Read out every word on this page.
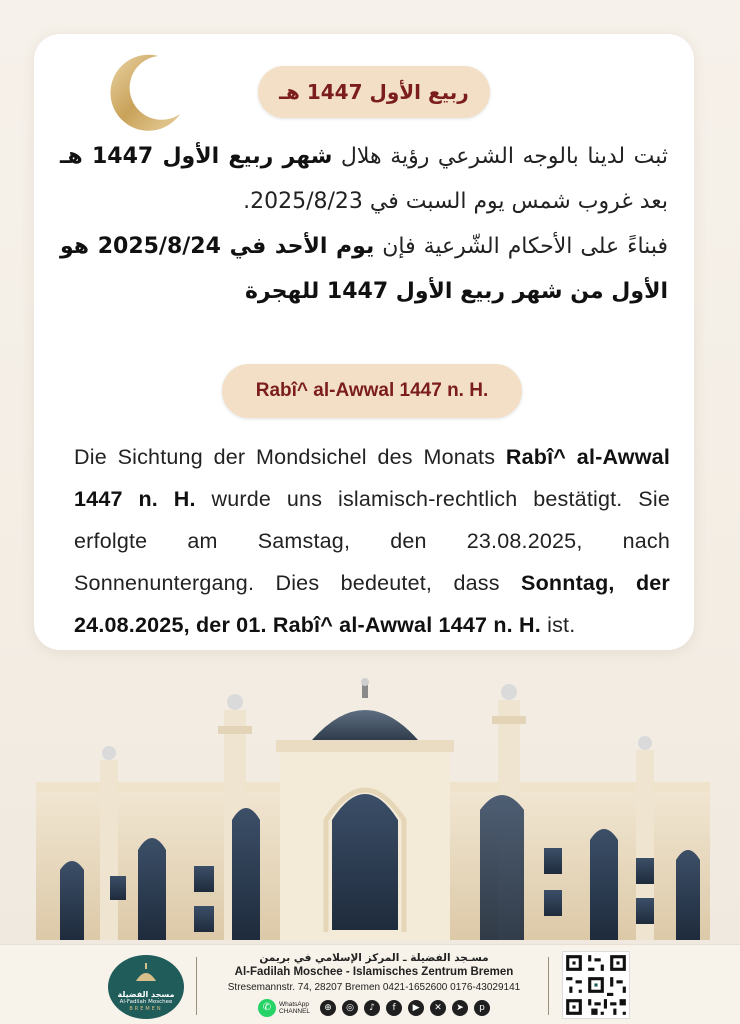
ربيع الأول 1447 هـ
ثبت لدينا بالوجه الشرعي رؤية هلال شهر ربيع الأول 1447 هـ بعد غروب شمس يوم السبت في 2025/8/23.
فبناءً على الأحكام الشّرعية فإن يوم الأحد في 2025/8/24 هو الأول من شهر ربيع الأول 1447 للهجرة
Rabî^ al-Awwal 1447 n. H.
Die Sichtung der Mondsichel des Monats Rabî^ al-Awwal 1447 n. H. wurde uns islamisch-rechtlich bestätigt. Sie erfolgte am Samstag, den 23.08.2025, nach Sonnenuntergang. Dies bedeutet, dass Sonntag, der 24.08.2025, der 01. Rabî^ al-Awwal 1447 n. H. ist.
مسجد الفضيلة
Al-Fadilah Moschee
BREMEN
مسـجد الفضيلة ـ المركز الإسلامي في بريمن
Al-Fadilah Moschee - Islamisches Zentrum Bremen
Stresemannstr. 74, 28207 Bremen 0421-1652600 0176-43029141
✆	WhatsApp
CHANNEL	⊕	◎	♪	f	▶	✕	➤	p
